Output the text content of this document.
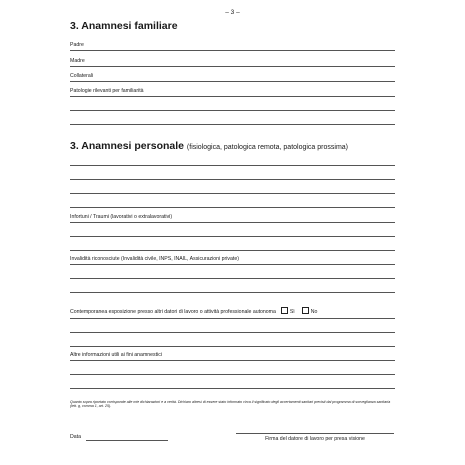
– 3 –
3. Anamnesi familiare
Padre
Madre
Collaterali
Patologie rilevanti per familiarità
3. Anamnesi personale (fisiologica, patologica remota, patologica prossima)
Infortuni / Traumi (lavorativi o extralavorativi)
Invalidità riconosciute (Invalidità civile, INPS, INAIL, Assicurazioni private)
Contemporanea esposizione presso altri datori di lavoro o attività professionale autonoma	Sì	No
Altre informazioni utili ai fini anamnestici
Quanto sopra riportato corrisponde alle mie dichiarazioni e a verità. Dichiaro altresì di essere stato informato circa il significato degli accertamenti sanitari previsti dal programma di sorveglianza sanitaria (lett. g, comma 1, art. 25).
Data	Firma del datore di lavoro per presa visione
